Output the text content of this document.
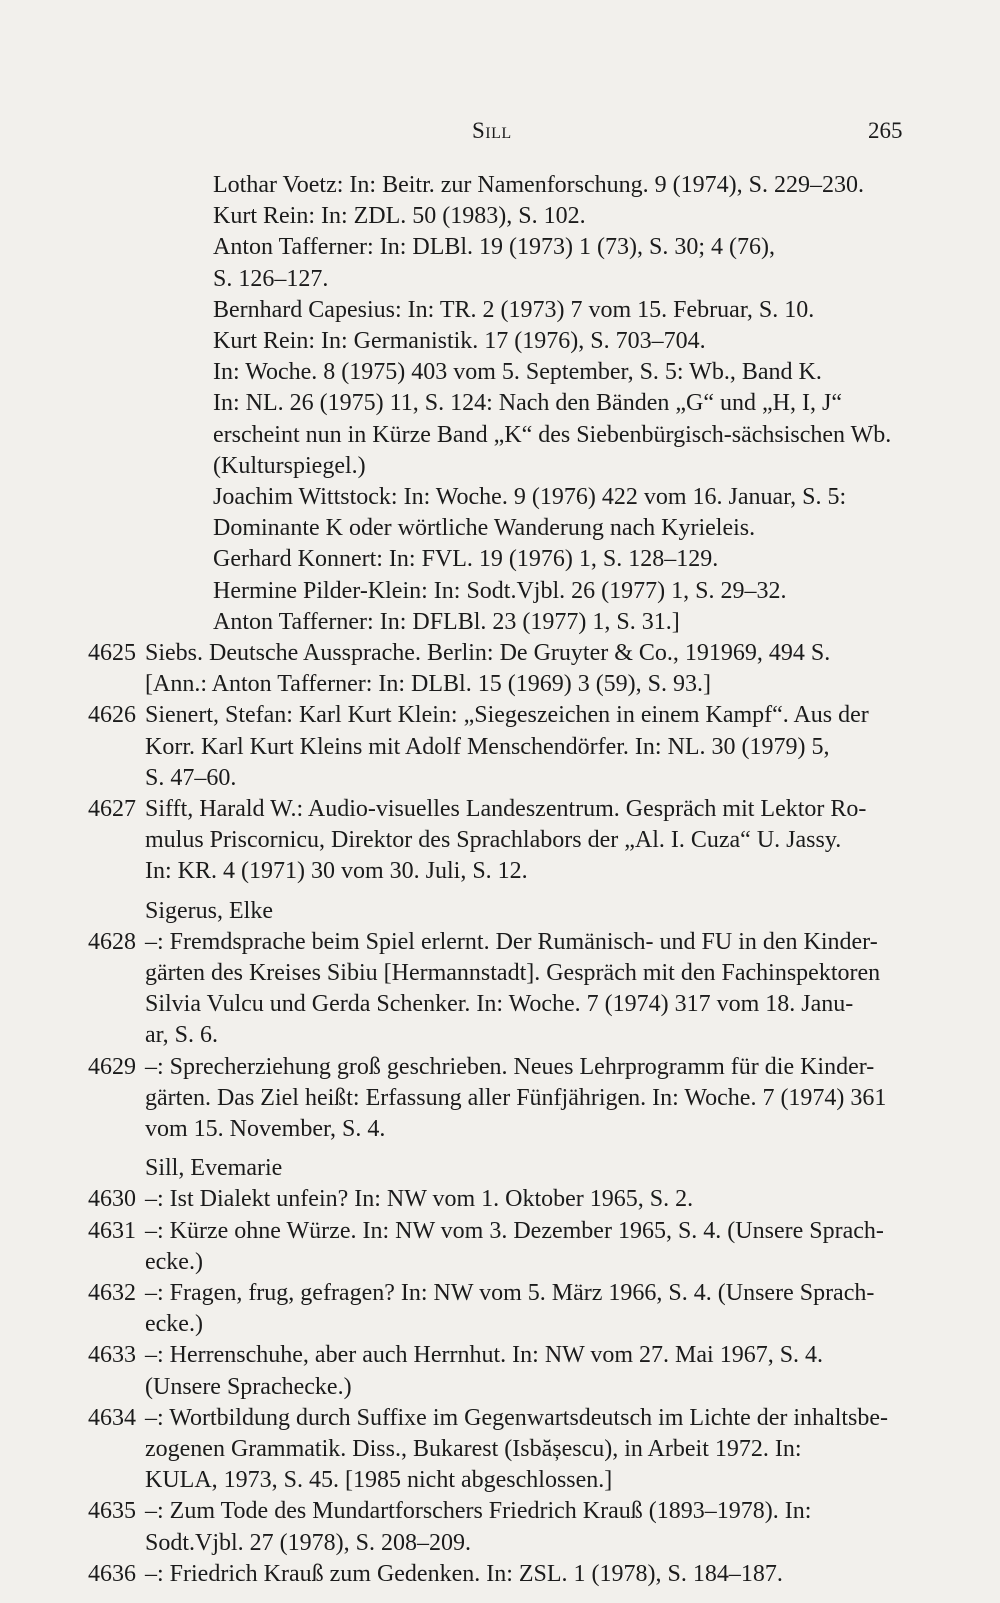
Sill	265
Lothar Voetz: In: Beitr. zur Namenforschung. 9 (1974), S. 229–230.
Kurt Rein: In: ZDL. 50 (1983), S. 102.
Anton Tafferner: In: DLBl. 19 (1973) 1 (73), S. 30; 4 (76),
S. 126–127.
Bernhard Capesius: In: TR. 2 (1973) 7 vom 15. Februar, S. 10.
Kurt Rein: In: Germanistik. 17 (1976), S. 703–704.
In: Woche. 8 (1975) 403 vom 5. September, S. 5: Wb., Band K.
In: NL. 26 (1975) 11, S. 124: Nach den Bänden „G“ und „H, I, J“
erscheint nun in Kürze Band „K“ des Siebenbürgisch-sächsischen Wb.
(Kulturspiegel.)
Joachim Wittstock: In: Woche. 9 (1976) 422 vom 16. Januar, S. 5:
Dominante K oder wörtliche Wanderung nach Kyrieleis.
Gerhard Konnert: In: FVL. 19 (1976) 1, S. 128–129.
Hermine Pilder-Klein: In: Sodt.Vjbl. 26 (1977) 1, S. 29–32.
Anton Tafferner: In: DFLBl. 23 (1977) 1, S. 31.]
4625 Siebs. Deutsche Aussprache. Berlin: De Gruyter & Co., 191969, 494 S.
[Ann.: Anton Tafferner: In: DLBl. 15 (1969) 3 (59), S. 93.]
4626 Sienert, Stefan: Karl Kurt Klein: „Siegeszeichen in einem Kampf“. Aus der
Korr. Karl Kurt Kleins mit Adolf Menschendörfer. In: NL. 30 (1979) 5,
S. 47–60.
4627 Sifft, Harald W.: Audio-visuelles Landeszentrum. Gespräch mit Lektor Ro-
mulus Priscornicu, Direktor des Sprachlabors der „Al. I. Cuza“ U. Jassy.
In: KR. 4 (1971) 30 vom 30. Juli, S. 12.
Sigerus, Elke
4628 –: Fremdsprache beim Spiel erlernt. Der Rumänisch- und FU in den Kinder-
gärten des Kreises Sibiu [Hermannstadt]. Gespräch mit den Fachinspektoren
Silvia Vulcu und Gerda Schenker. In: Woche. 7 (1974) 317 vom 18. Janu-
ar, S. 6.
4629 –: Sprecherziehung groß geschrieben. Neues Lehrprogramm für die Kinder-
gärten. Das Ziel heißt: Erfassung aller Fünfjährigen. In: Woche. 7 (1974) 361
vom 15. November, S. 4.
Sill, Evemarie
4630 –: Ist Dialekt unfein? In: NW vom 1. Oktober 1965, S. 2.
4631 –: Kürze ohne Würze. In: NW vom 3. Dezember 1965, S. 4. (Unsere Sprach-
ecke.)
4632 –: Fragen, frug, gefragen? In: NW vom 5. März 1966, S. 4. (Unsere Sprach-
ecke.)
4633 –: Herrenschuhe, aber auch Herrnhut. In: NW vom 27. Mai 1967, S. 4.
(Unsere Sprachecke.)
4634 –: Wortbildung durch Suffixe im Gegenwartsdeutsch im Lichte der inhaltsbe-
zogenen Grammatik. Diss., Bukarest (Isbășescu), in Arbeit 1972. In:
KULA, 1973, S. 45. [1985 nicht abgeschlossen.]
4635 –: Zum Tode des Mundartforschers Friedrich Krauß (1893–1978). In:
Sodt.Vjbl. 27 (1978), S. 208–209.
4636 –: Friedrich Krauß zum Gedenken. In: ZSL. 1 (1978), S. 184–187.
